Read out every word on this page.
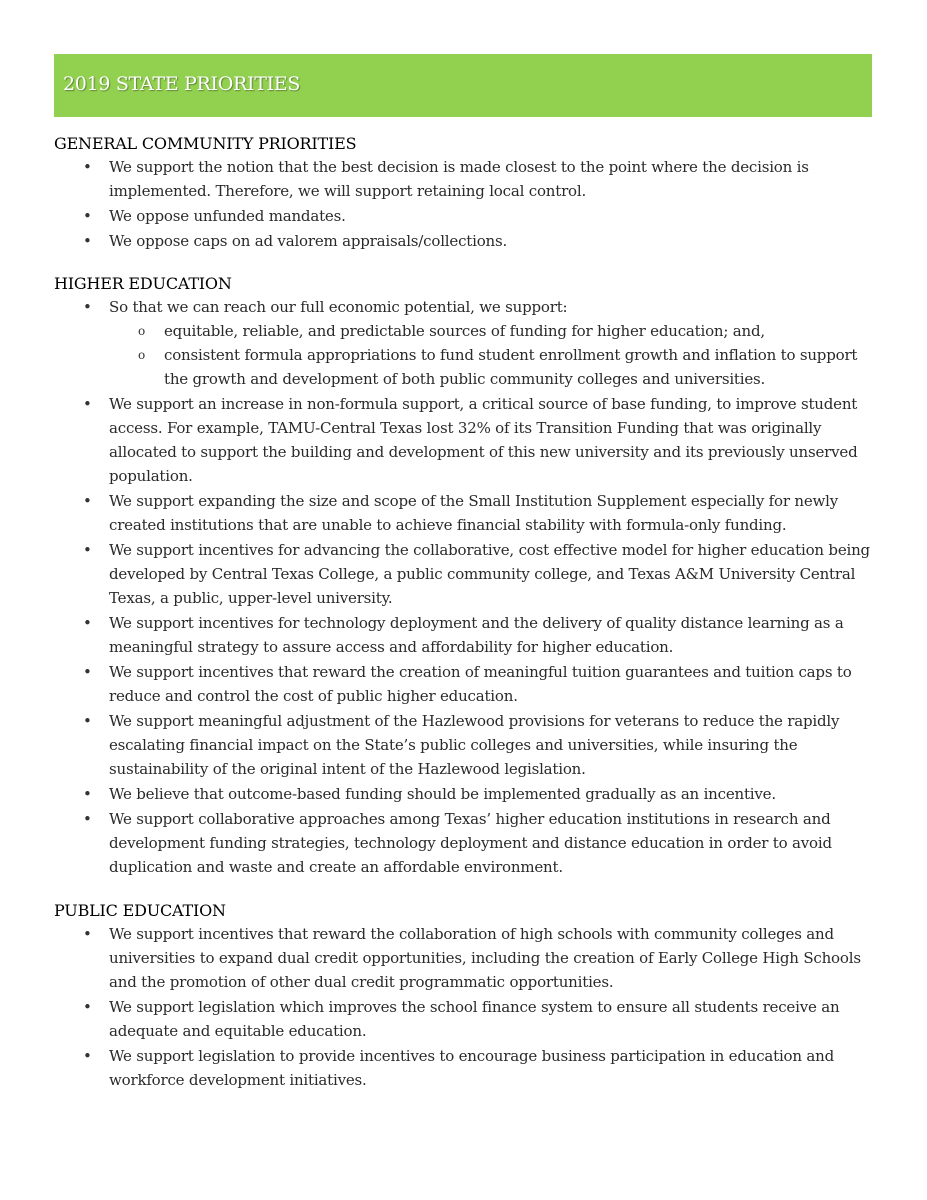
2019 STATE PRIORITIES
GENERAL COMMUNITY PRIORITIES
• We support the notion that the best decision is made closest to the point where the decision is implemented. Therefore, we will support retaining local control.
• We oppose unfunded mandates.
• We oppose caps on ad valorem appraisals/collections.
HIGHER EDUCATION
• So that we can reach our full economic potential, we support:
o equitable, reliable, and predictable sources of funding for higher education; and,
o consistent formula appropriations to fund student enrollment growth and inflation to support the growth and development of both public community colleges and universities.
• We support an increase in non-formula support, a critical source of base funding, to improve student access. For example, TAMU-Central Texas lost 32% of its Transition Funding that was originally allocated to support the building and development of this new university and its previously unserved population.
• We support expanding the size and scope of the Small Institution Supplement especially for newly created institutions that are unable to achieve financial stability with formula-only funding.
• We support incentives for advancing the collaborative, cost effective model for higher education being developed by Central Texas College, a public community college, and Texas A&M University Central Texas, a public, upper-level university.
• We support incentives for technology deployment and the delivery of quality distance learning as a meaningful strategy to assure access and affordability for higher education.
• We support incentives that reward the creation of meaningful tuition guarantees and tuition caps to reduce and control the cost of public higher education.
• We support meaningful adjustment of the Hazlewood provisions for veterans to reduce the rapidly escalating financial impact on the State’s public colleges and universities, while insuring the sustainability of the original intent of the Hazlewood legislation.
• We believe that outcome-based funding should be implemented gradually as an incentive.
• We support collaborative approaches among Texas’ higher education institutions in research and development funding strategies, technology deployment and distance education in order to avoid duplication and waste and create an affordable environment.
PUBLIC EDUCATION
• We support incentives that reward the collaboration of high schools with community colleges and universities to expand dual credit opportunities, including the creation of Early College High Schools and the promotion of other dual credit programmatic opportunities.
• We support legislation which improves the school finance system to ensure all students receive an adequate and equitable education.
• We support legislation to provide incentives to encourage business participation in education and workforce development initiatives.
